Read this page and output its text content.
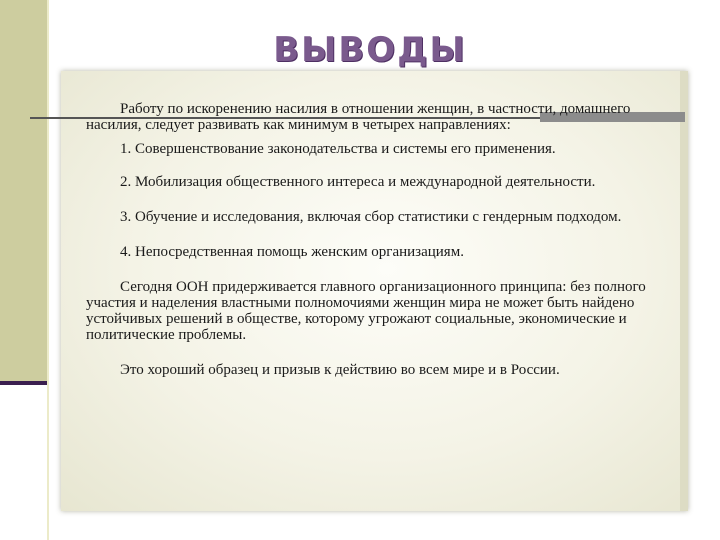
ВЫВОДЫ

Работу по искоренению насилия в отношении женщин, в частности, домашнего насилия, следует развивать как минимум в четырех направлениях:

1. Совершенствование законодательства и системы его применения.

2. Мобилизация общественного интереса и международной деятельности.

3. Обучение и исследования, включая сбор статистики с гендерным подходом.

4. Непосредственная помощь женским организациям.

Сегодня ООН придерживается главного организационного принципа: без полного участия и наделения властными полномочиями женщин мира не может быть найдено устойчивых решений в обществе, которому угрожают социальные, экономические и политические проблемы.

Это хороший образец и призыв к действию во всем мире и в России.
